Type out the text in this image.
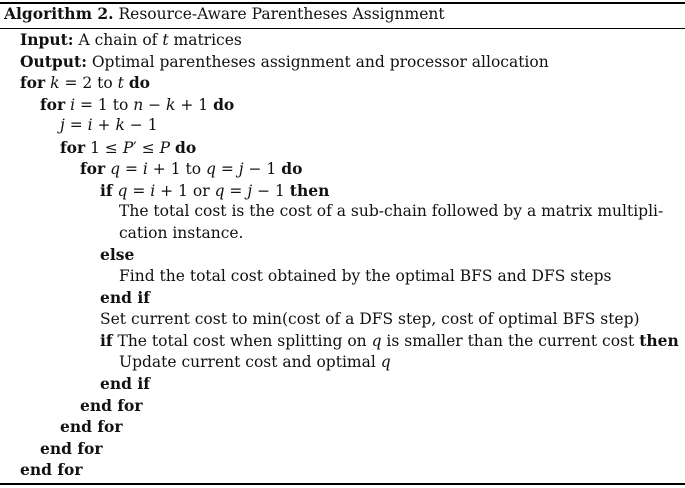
Algorithm 2. Resource-Aware Parentheses Assignment
Input: A chain of t matrices
Output: Optimal parentheses assignment and processor allocation
for k = 2 to t do
for i = 1 to n − k + 1 do
j = i + k − 1
for 1 ≤ P′ ≤ P do
for q = i + 1 to q = j − 1 do
if q = i + 1 or q = j − 1 then
The total cost is the cost of a sub-chain followed by a matrix multipli-
cation instance.
else
Find the total cost obtained by the optimal BFS and DFS steps
end if
Set current cost to min(cost of a DFS step, cost of optimal BFS step)
if The total cost when splitting on q is smaller than the current cost then
Update current cost and optimal q
end if
end for
end for
end for
end for
